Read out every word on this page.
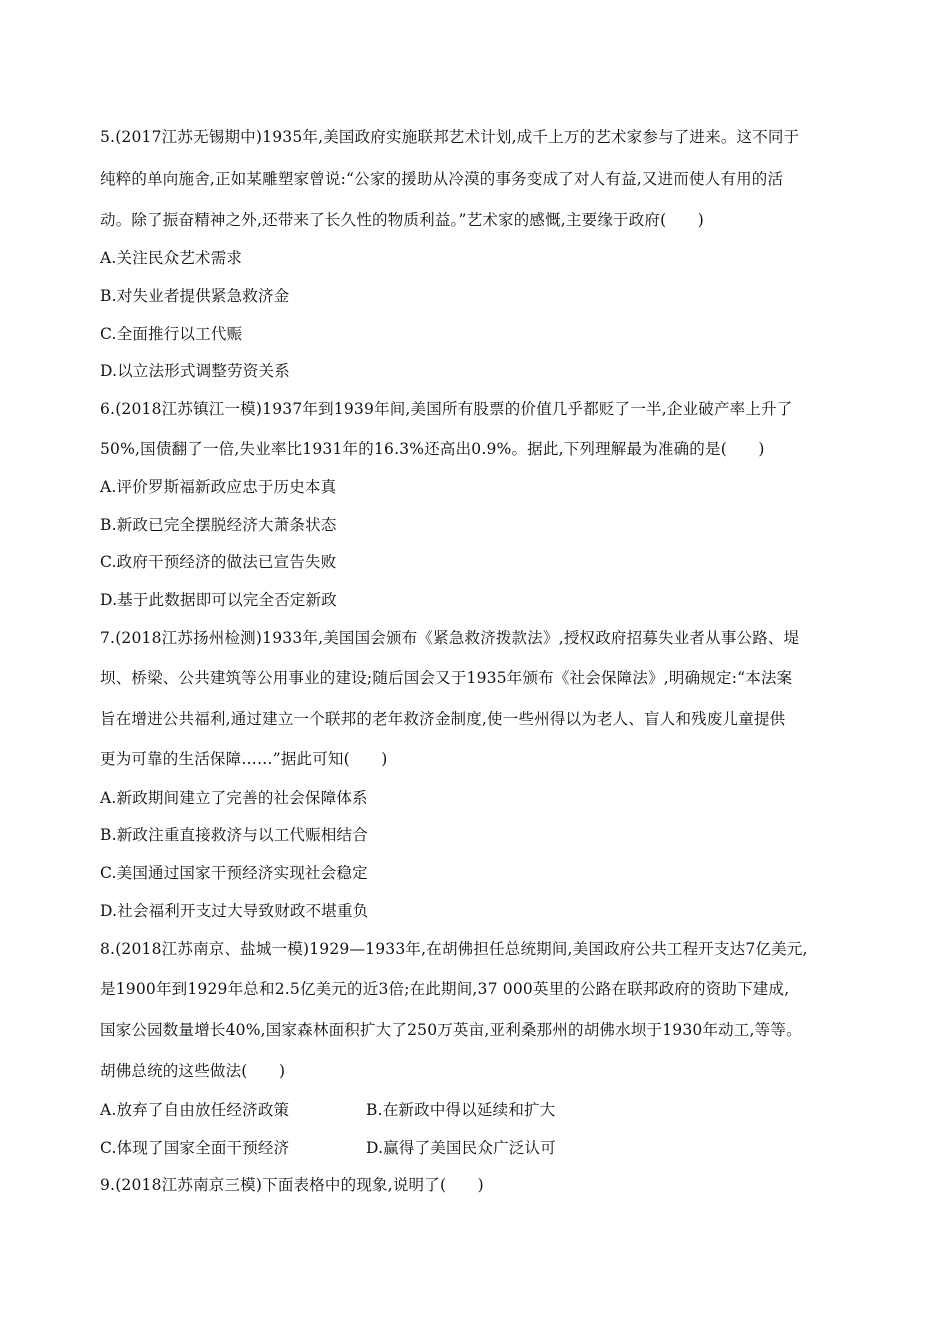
5.(2017江苏无锡期中)1935年,美国政府实施联邦艺术计划,成千上万的艺术家参与了进来。这不同于
纯粹的单向施舍,正如某雕塑家曾说:“公家的援助从冷漠的事务变成了对人有益,又进而使人有用的活
动。除了振奋精神之外,还带来了长久性的物质利益。”艺术家的感慨,主要缘于政府(　　)
A.关注民众艺术需求
B.对失业者提供紧急救济金
C.全面推行以工代赈
D.以立法形式调整劳资关系
6.(2018江苏镇江一模)1937年到1939年间,美国所有股票的价值几乎都贬了一半,企业破产率上升了
50%,国债翻了一倍,失业率比1931年的16.3%还高出0.9%。据此,下列理解最为准确的是(　　)
A.评价罗斯福新政应忠于历史本真
B.新政已完全摆脱经济大萧条状态
C.政府干预经济的做法已宣告失败
D.基于此数据即可以完全否定新政
7.(2018江苏扬州检测)1933年,美国国会颁布《紧急救济拨款法》,授权政府招募失业者从事公路、堤
坝、桥梁、公共建筑等公用事业的建设;随后国会又于1935年颁布《社会保障法》,明确规定:“本法案
旨在增进公共福利,通过建立一个联邦的老年救济金制度,使一些州得以为老人、盲人和残废儿童提供
更为可靠的生活保障……”据此可知(　　)
A.新政期间建立了完善的社会保障体系
B.新政注重直接救济与以工代赈相结合
C.美国通过国家干预经济实现社会稳定
D.社会福利开支过大导致财政不堪重负
8.(2018江苏南京、盐城一模)1929—1933年,在胡佛担任总统期间,美国政府公共工程开支达7亿美元,
是1900年到1929年总和2.5亿美元的近3倍;在此期间,37 000英里的公路在联邦政府的资助下建成,
国家公园数量增长40%,国家森林面积扩大了250万英亩,亚利桑那州的胡佛水坝于1930年动工,等等。
胡佛总统的这些做法(　　)
A.放弃了自由放任经济政策	B.在新政中得以延续和扩大
C.体现了国家全面干预经济	D.赢得了美国民众广泛认可
9.(2018江苏南京三模)下面表格中的现象,说明了(　　)
